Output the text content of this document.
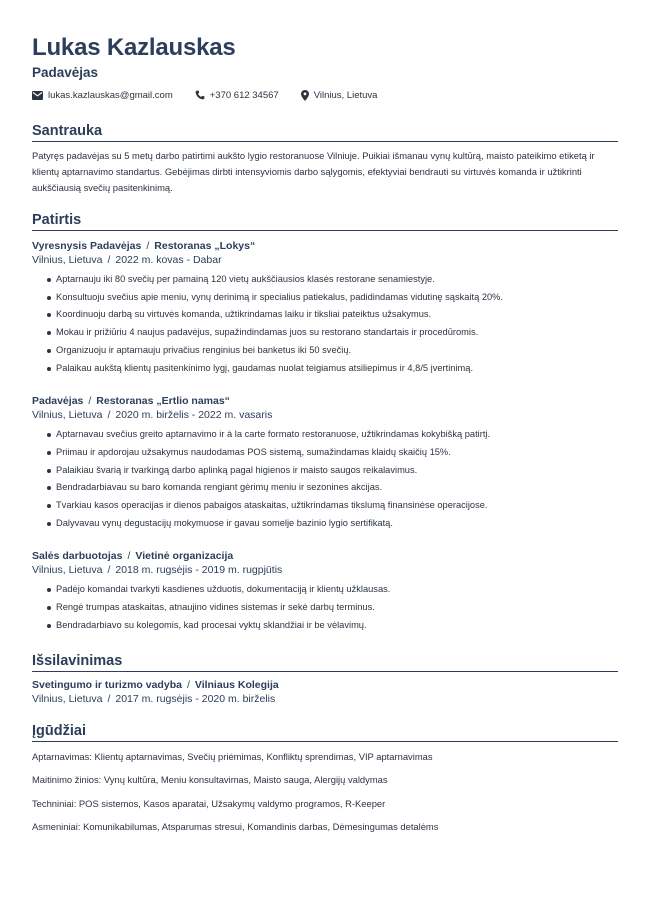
Lukas Kazlauskas
Padavėjas
lukas.kazlauskas@gmail.com	+370 612 34567	Vilnius, Lietuva
Santrauka
Patyręs padavėjas su 5 metų darbo patirtimi aukšto lygio restoranuose Vilniuje. Puikiai išmanau vynų kultūrą, maisto pateikimo etiketą ir klientų aptarnavimo standartus. Gebėjimas dirbti intensyviomis darbo sąlygomis, efektyviai bendrauti su virtuvės komanda ir užtikrinti aukščiausią svečių pasitenkinimą.
Patirtis
Vyresnysis Padavėjas / Restoranas „Lokys“
Vilnius, Lietuva / 2022 m. kovas - Dabar
Aptarnauju iki 80 svečių per pamainą 120 vietų aukščiausios klasės restorane senamiestyje.
Konsultuoju svečius apie meniu, vynų derinimą ir specialius patiekalus, padidindamas vidutinę sąskaitą 20%.
Koordinuoju darbą su virtuvės komanda, užtikrindamas laiku ir tiksliai pateiktus užsakymus.
Mokau ir prižiūriu 4 naujus padavėjus, supažindindamas juos su restorano standartais ir procedūromis.
Organizuoju ir aptarnauju privačius renginius bei banketus iki 50 svečių.
Palaikau aukštą klientų pasitenkinimo lygį, gaudamas nuolat teigiamus atsiliepimus ir 4,8/5 įvertinimą.
Padavėjas / Restoranas „Ertlio namas“
Vilnius, Lietuva / 2020 m. birželis - 2022 m. vasaris
Aptarnavau svečius greito aptarnavimo ir à la carte formato restoranuose, užtikrindamas kokybišką patirtį.
Priimau ir apdorojau užsakymus naudodamas POS sistemą, sumažindamas klaidų skaičių 15%.
Palaikiau švarią ir tvarkingą darbo aplinką pagal higienos ir maisto saugos reikalavimus.
Bendradarbiavau su baro komanda rengiant gėrimų meniu ir sezonines akcijas.
Tvarkiau kasos operacijas ir dienos pabaigos ataskaitas, užtikrindamas tikslumą finansinėse operacijose.
Dalyvavau vynų degustacijų mokymuose ir gavau somelje bazinio lygio sertifikatą.
Salės darbuotojas / Vietinė organizacija
Vilnius, Lietuva / 2018 m. rugsėjis - 2019 m. rugpjūtis
Padėjo komandai tvarkyti kasdienes užduotis, dokumentaciją ir klientų užklausas.
Rengė trumpas ataskaitas, atnaujino vidines sistemas ir sekė darbų terminus.
Bendradarbiavo su kolegomis, kad procesai vyktų sklandžiai ir be vėlavimų.
Išsilavinimas
Svetingumo ir turizmo vadyba / Vilniaus Kolegija
Vilnius, Lietuva / 2017 m. rugsėjis - 2020 m. birželis
Įgūdžiai
Aptarnavimas: Klientų aptarnavimas, Svečių priėmimas, Konfliktų sprendimas, VIP aptarnavimas
Maitinimo žinios: Vynų kultūra, Meniu konsultavimas, Maisto sauga, Alergijų valdymas
Techniniai: POS sistemos, Kasos aparatai, Užsakymų valdymo programos, R-Keeper
Asmeniniai: Komunikabilumas, Atsparumas stresui, Komandinis darbas, Dėmesingumas detalėms
